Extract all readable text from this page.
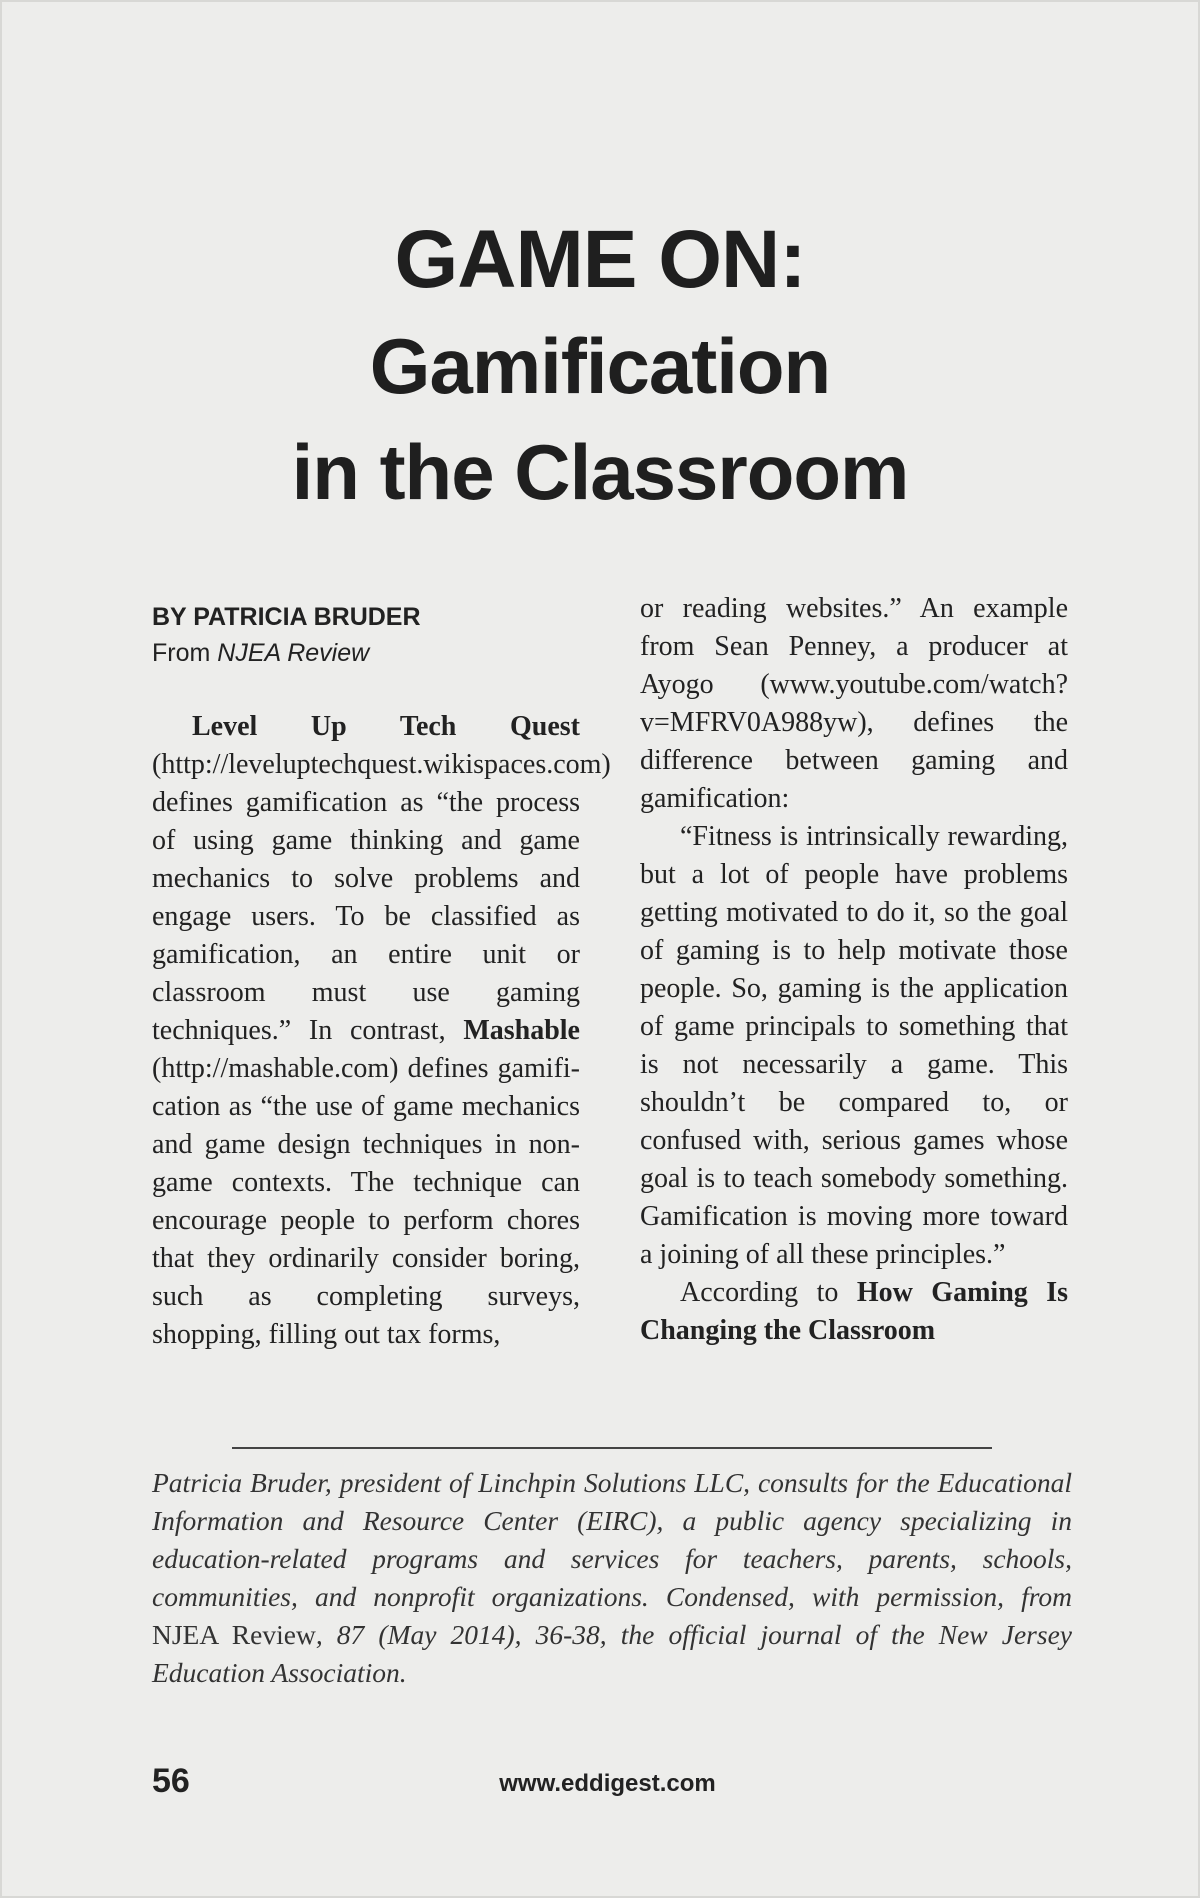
GAME ON:
Gamification
in the Classroom

BY PATRICIA BRUDER

From NJEA Review

Level Up Tech Quest (http://leveluptechquest.wikispaces.com) defines gamification as “the process of using game thinking and game mechanics to solve problems and engage users. To be classified as gamification, an entire unit or classroom must use gaming techniques.” In contrast, Mashable (http://mashable.com) defines gamification as “the use of game mechanics and game design techniques in non-game contexts. The technique can encourage people to perform chores that they ordinarily consider boring, such as completing surveys, shopping, filling out tax forms,

or reading websites.” An example from Sean Penney, a producer at Ayogo (www.youtube.com/watch?v=MFRV0A988yw), defines the difference between gaming and gamification:

“Fitness is intrinsically rewarding, but a lot of people have problems getting motivated to do it, so the goal of gaming is to help motivate those people. So, gaming is the application of game principals to something that is not necessarily a game. This shouldn’t be compared to, or confused with, serious games whose goal is to teach somebody something. Gamification is moving more toward a joining of all these principles.”

According to How Gaming Is Changing the Classroom

Patricia Bruder, president of Linchpin Solutions LLC, consults for the Educational Information and Resource Center (EIRC), a public agency specializing in education-related programs and services for teachers, parents, schools, communities, and nonprofit organizations. Condensed, with permission, from NJEA Review, 87 (May 2014), 36-38, the official journal of the New Jersey Education Association.

56	www.eddigest.com
